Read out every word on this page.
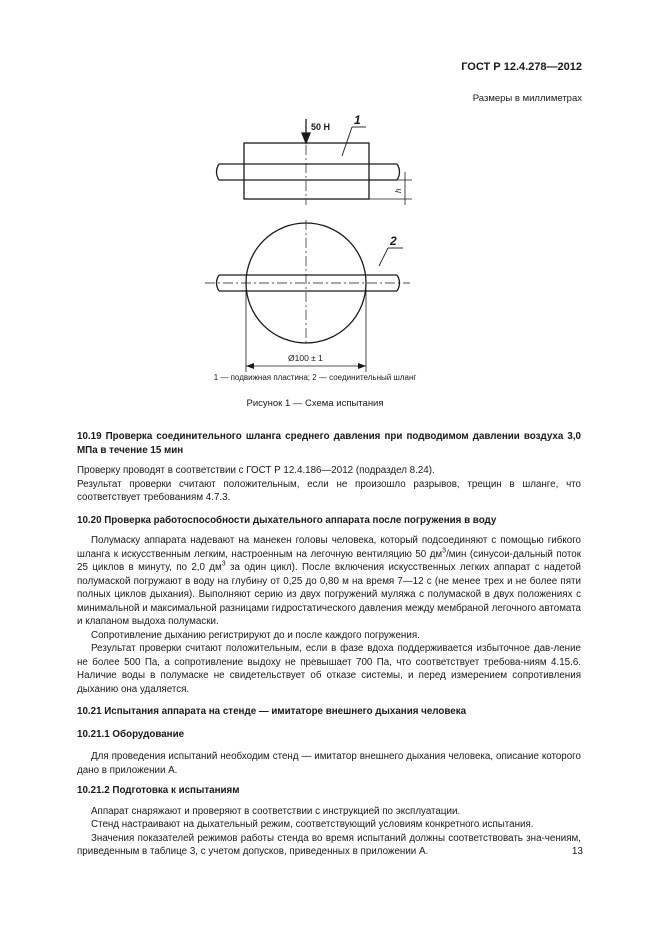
ГОСТ Р 12.4.278—2012
Размеры в миллиметрах
50 Н 1
2
h
Ø100 ± 1
1 — подвижная пластина; 2 — соединительный шланг
Рисунок 1 — Схема испытания

10.19 Проверка соединительного шланга среднего давления при подводимом давлении воздуха 3,0 МПа в течение 15 мин

Проверку проводят в соответствии с ГОСТ Р 12.4.186—2012 (подраздел 8.24).

Результат проверки считают положительным, если не произошло разрывов, трещин в шланге, что соответствует требованиям 4.7.3.

10.20 Проверка работоспособности дыхательного аппарата после погружения в воду

Полумаску аппарата надевают на манекен головы человека, который подсоединяют с помощью гибкого шланга к искусственным легким, настроенным на легочную вентиляцию 50 $дм^3$/мин (синусои-дальный поток 25 циклов в минуту, по 2,0 $дм^3$ за один цикл). После включения искусственных легких аппарат с надетой полумаской погружают в воду на глубину от 0,25 до 0,80 м на время 7—12 с (не менее трех и не более пяти полных циклов дыхания). Выполняют серию из двух погружений муляжа с полумаской в двух положениях с минимальной и максимальной разницами гидростатического давления между мембраной легочного автомата и клапаном выдоха полумаски.

Сопротивление дыханию регистрируют до и после каждого погружения.

Результат проверки считают положительным, если в фазе вдоха поддерживается избыточное дав-ление не более 500 Па, а сопротивление выдоху не превышает 700 Па, что соответствует требова-ниям 4.15.6. Наличие воды в полумаске не свидетельствует об отказе системы, и перед измерением сопротивления дыханию она удаляется.

10.21 Испытания аппарата на стенде — имитаторе внешнего дыхания человека

10.21.1 Оборудование

Для проведения испытаний необходим стенд — имитатор внешнего дыхания человека, описание которого дано в приложении А.

10.21.2 Подготовка к испытаниям

Аппарат снаряжают и проверяют в соответствии с инструкцией по эксплуатации.

Стенд настраивают на дыхательный режим, соответствующий условиям конкретного испытания.

Значения показателей режимов работы стенда во время испытаний должны соответствовать зна-чениям, приведенным в таблице 3, с учетом допусков, приведенных в приложении А.	13
